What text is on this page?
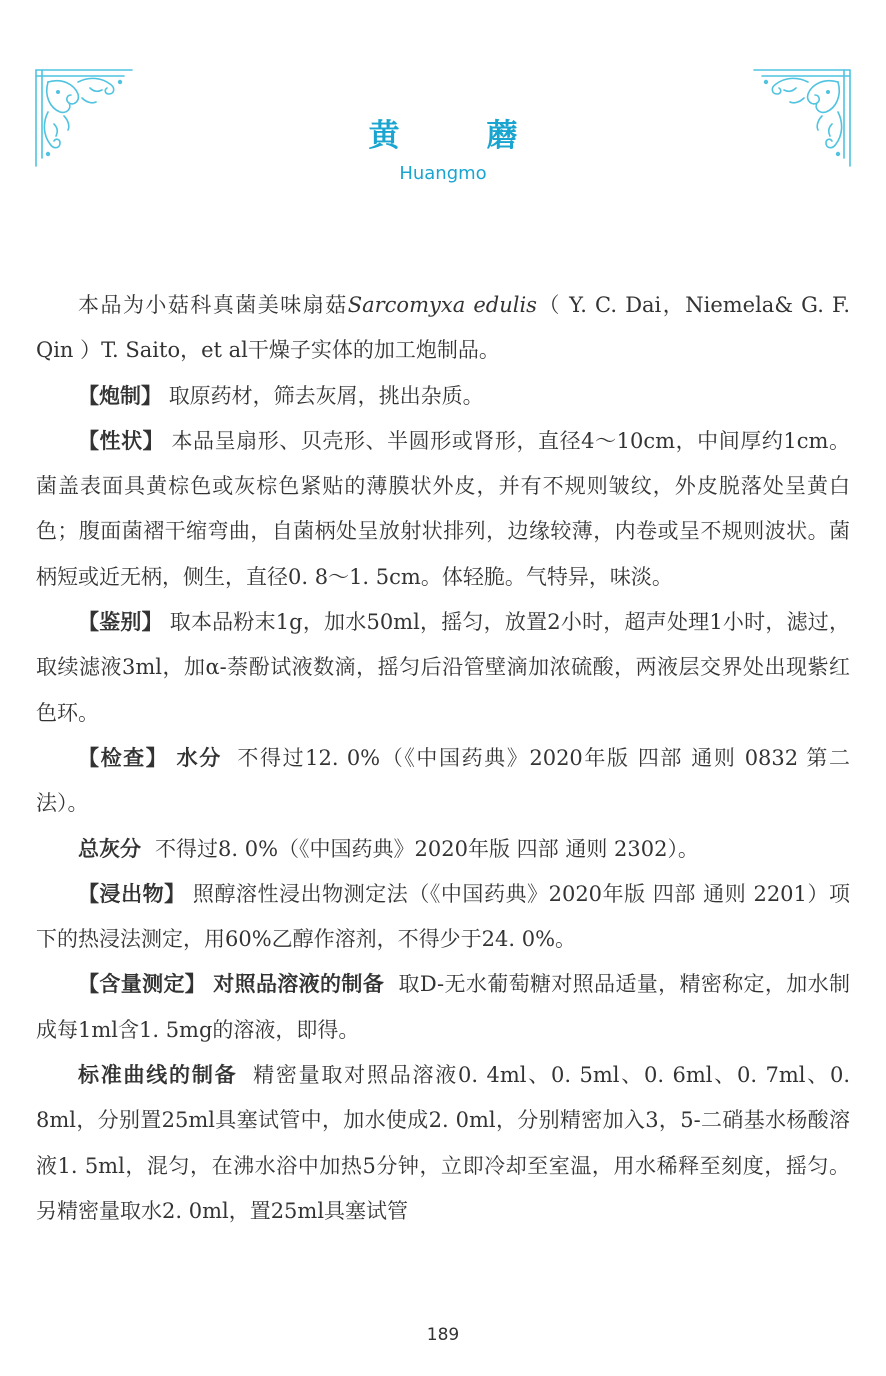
黄　蘑
Huangmo

本品为小菇科真菌美味扇菇Sarcomyxa edulis（ Y. C. Dai，Niemela& G. F. Qin ）T. Saito，et al干燥子实体的加工炮制品。

【炮制】 取原药材，筛去灰屑，挑出杂质。

【性状】 本品呈扇形、贝壳形、半圆形或肾形，直径4～10cm，中间厚约1cm。菌盖表面具黄棕色或灰棕色紧贴的薄膜状外皮，并有不规则皱纹，外皮脱落处呈黄白色；腹面菌褶干缩弯曲，自菌柄处呈放射状排列，边缘较薄，内卷或呈不规则波状。菌柄短或近无柄，侧生，直径0. 8～1. 5cm。体轻脆。气特异，味淡。

【鉴别】 取本品粉末1g，加水50ml，摇匀，放置2小时，超声处理1小时，滤过，取续滤液3ml，加α-萘酚试液数滴，摇匀后沿管壁滴加浓硫酸，两液层交界处出现紫红色环。

【检查】 水分 不得过12. 0%（《中国药典》2020年版 四部 通则 0832 第二法）。

总灰分 不得过8. 0%（《中国药典》2020年版 四部 通则 2302）。

【浸出物】 照醇溶性浸出物测定法（《中国药典》2020年版 四部 通则 2201）项下的热浸法测定，用60%乙醇作溶剂，不得少于24. 0%。

【含量测定】 对照品溶液的制备 取D-无水葡萄糖对照品适量，精密称定，加水制成每1ml含1. 5mg的溶液，即得。

标准曲线的制备 精密量取对照品溶液0. 4ml、0. 5ml、0. 6ml、0. 7ml、0. 8ml，分别置25ml具塞试管中，加水使成2. 0ml，分别精密加入3，5-二硝基水杨酸溶液1. 5ml，混匀，在沸水浴中加热5分钟，立即冷却至室温，用水稀释至刻度，摇匀。另精密量取水2. 0ml，置25ml具塞试管

189
